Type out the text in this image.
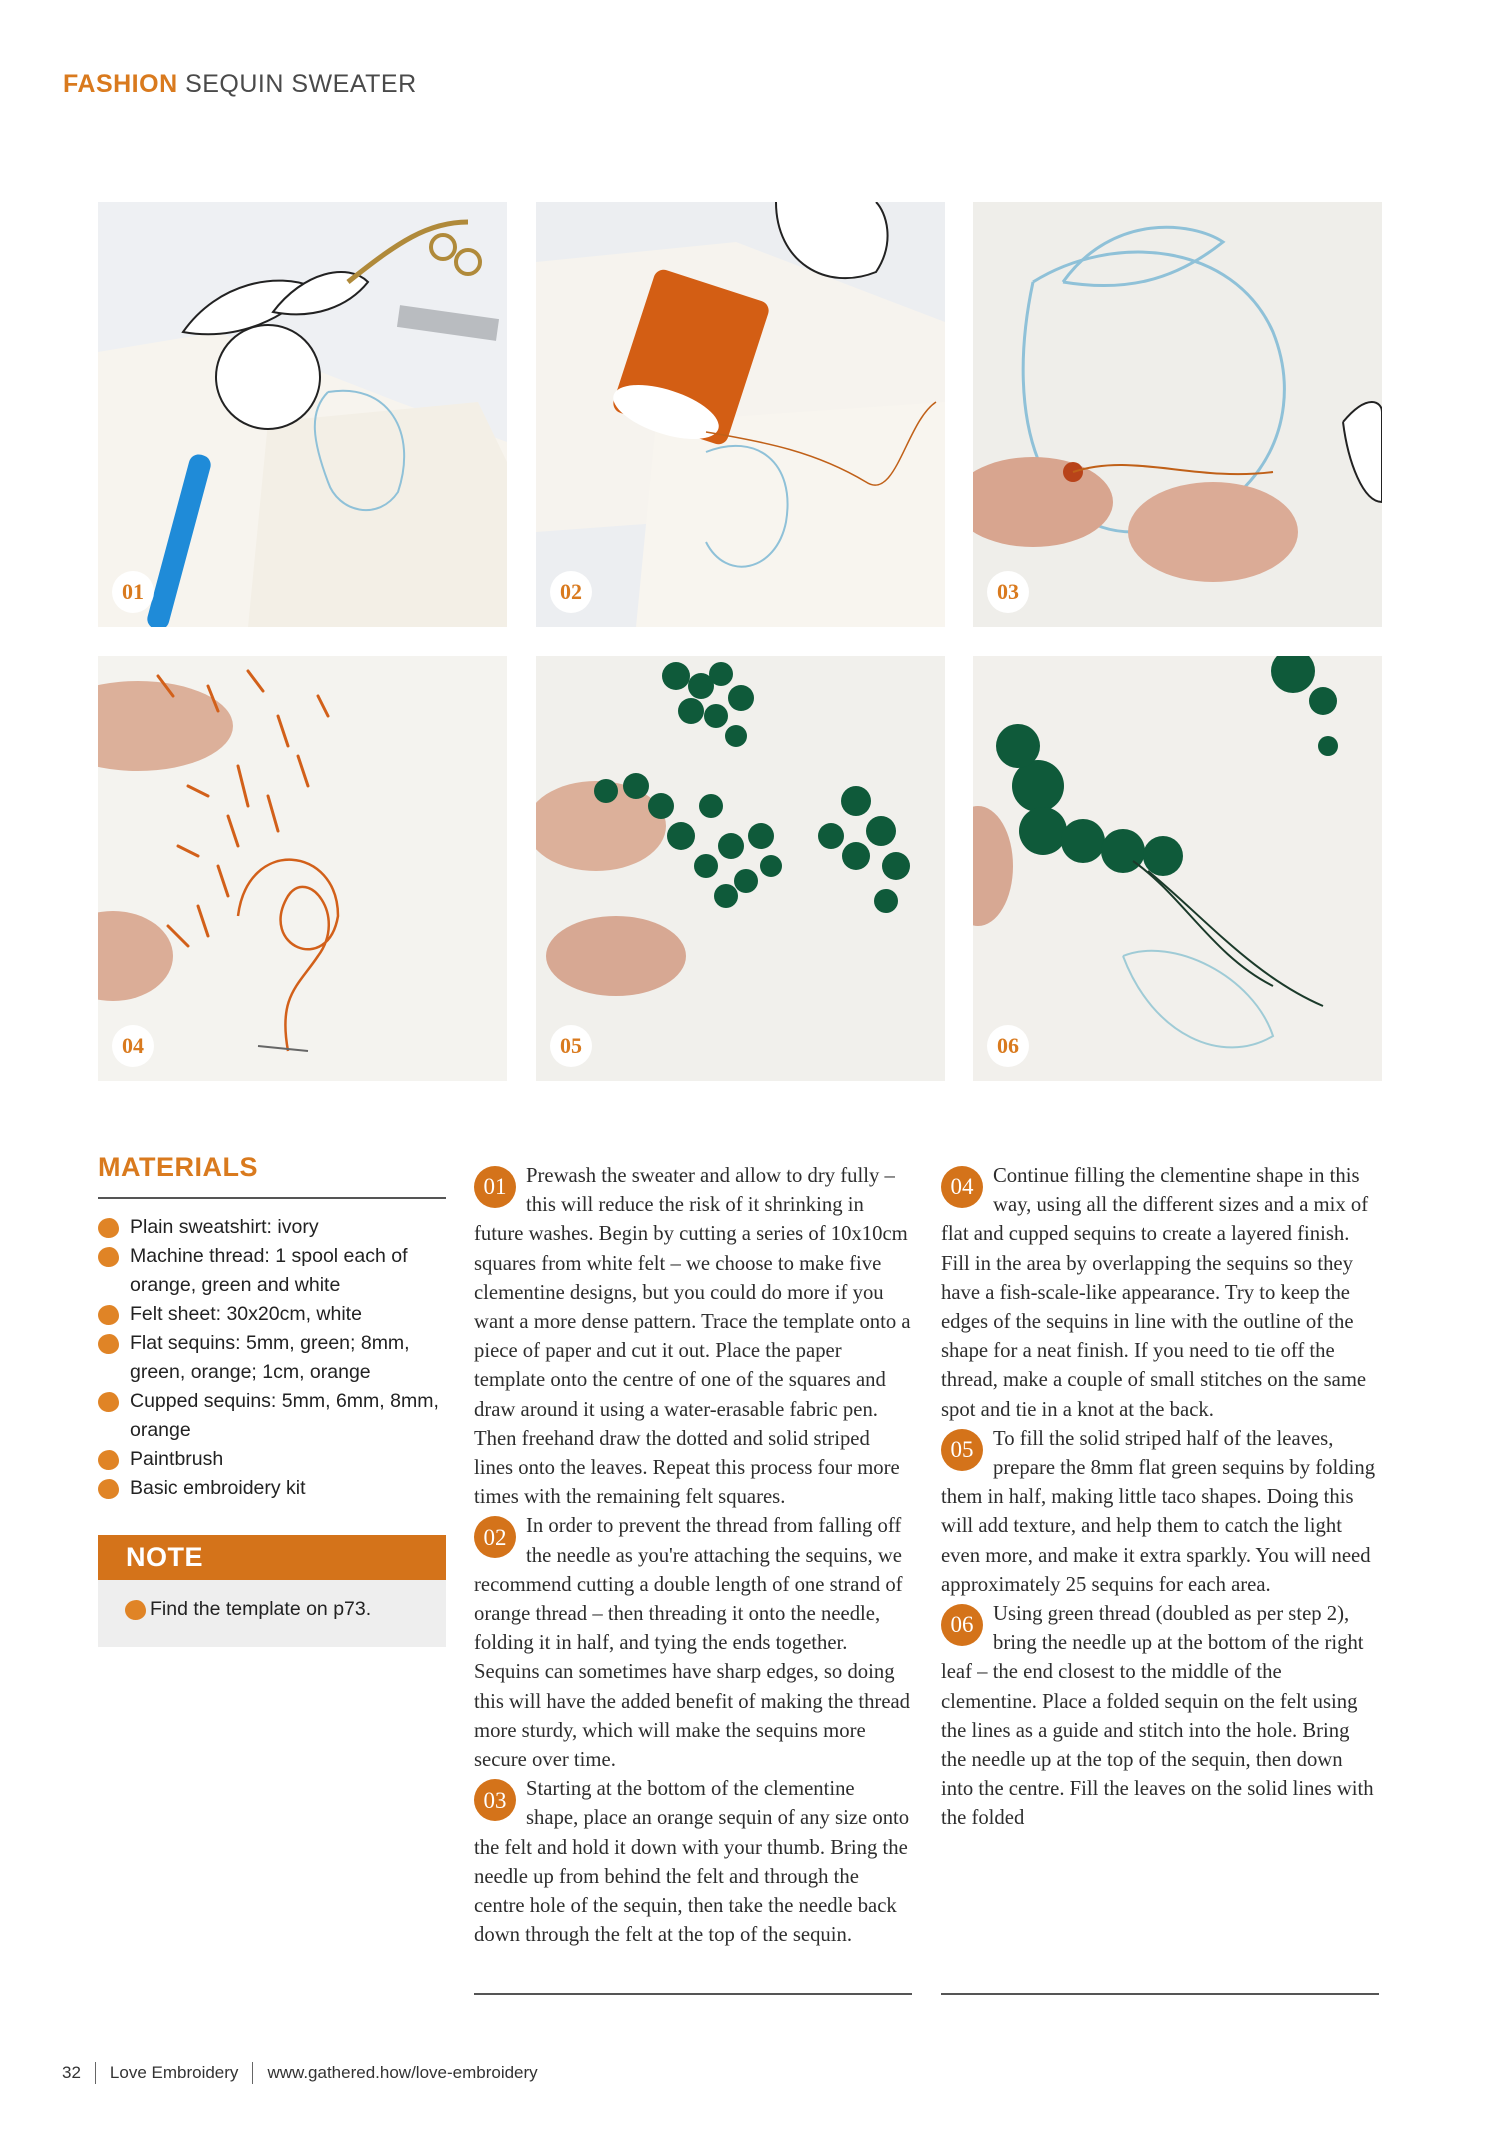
FASHION SEQUIN SWEATER
01	02	03
04	05	06
MATERIALS
Plain sweatshirt: ivory
Machine thread: 1 spool each of orange, green and white
Felt sheet: 30x20cm, white
Flat sequins: 5mm, green; 8mm, green, orange; 1cm, orange
Cupped sequins: 5mm, 6mm, 8mm, orange
Paintbrush
Basic embroidery kit
NOTE
Find the template on p73.

01 Prewash the sweater and allow to dry fully – this will reduce the risk of it shrinking in future washes. Begin by cutting a series of 10x10cm squares from white felt – we choose to make five clementine designs, but you could do more if you want a more dense pattern. Trace the template onto a piece of paper and cut it out. Place the paper template onto the centre of one of the squares and draw around it using a water-erasable fabric pen. Then freehand draw the dotted and solid striped lines onto the leaves. Repeat this process four more times with the remaining felt squares.

02 In order to prevent the thread from falling off the needle as you're attaching the sequins, we recommend cutting a double length of one strand of orange thread – then threading it onto the needle, folding it in half, and tying the ends together. Sequins can sometimes have sharp edges, so doing this will have the added benefit of making the thread more sturdy, which will make the sequins more secure over time.

03 Starting at the bottom of the clementine shape, place an orange sequin of any size onto the felt and hold it down with your thumb. Bring the needle up from behind the felt and through the centre hole of the sequin, then take the needle back down through the felt at the top of the sequin.

04 Continue filling the clementine shape in this way, using all the different sizes and a mix of flat and cupped sequins to create a layered finish. Fill in the area by overlapping the sequins so they have a fish-scale-like appearance. Try to keep the edges of the sequins in line with the outline of the shape for a neat finish. If you need to tie off the thread, make a couple of small stitches on the same spot and tie in a knot at the back.

05 To fill the solid striped half of the leaves, prepare the 8mm flat green sequins by folding them in half, making little taco shapes. Doing this will add texture, and help them to catch the light even more, and make it extra sparkly. You will need approximately 25 sequins for each area.

06 Using green thread (doubled as per step 2), bring the needle up at the bottom of the right leaf – the end closest to the middle of the clementine. Place a folded sequin on the felt using the lines as a guide and stitch into the hole. Bring the needle up at the top of the sequin, then down into the centre. Fill the leaves on the solid lines with the folded

32 Love Embroidery www.gathered.how/love-embroidery
